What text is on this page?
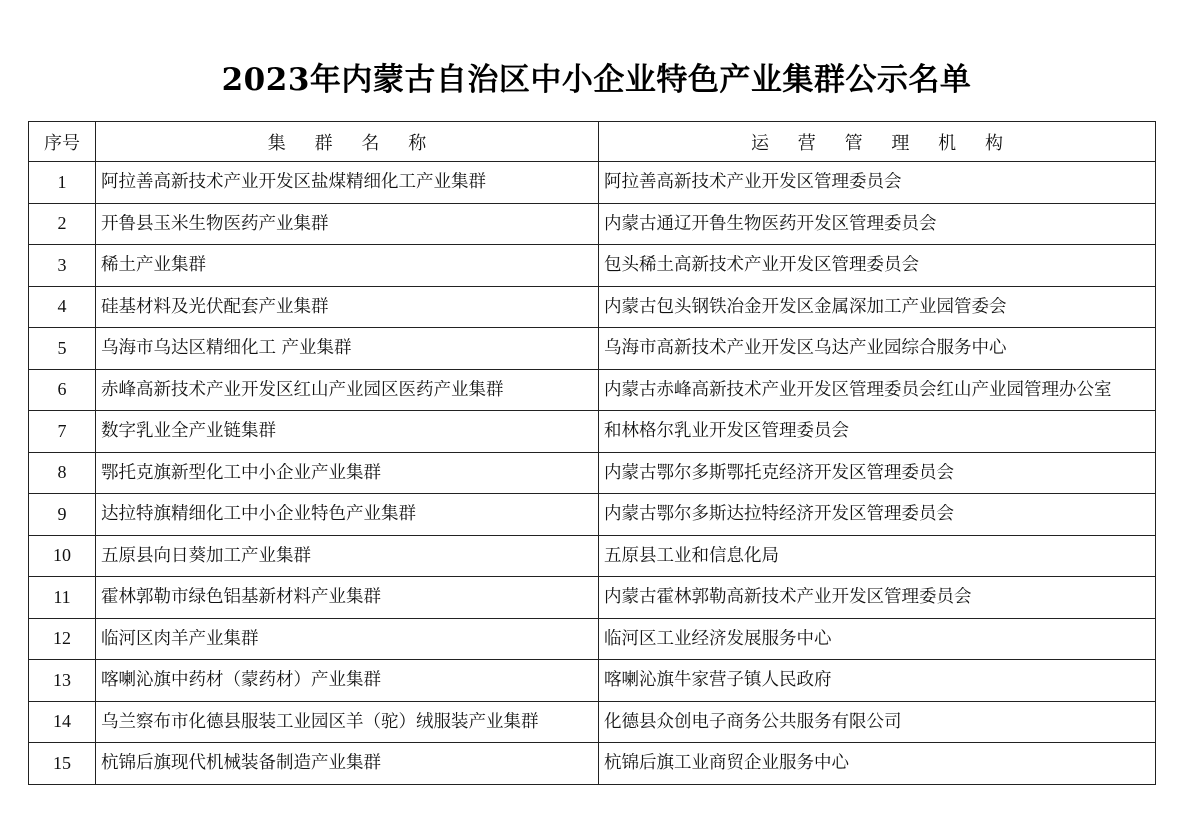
2023年内蒙古自治区中小企业特色产业集群公示名单
序号	集群名称	运营管理机构
1	阿拉善高新技术产业开发区盐煤精细化工产业集群	阿拉善高新技术产业开发区管理委员会

2	开鲁县玉米生物医药产业集群	内蒙古通辽开鲁生物医药开发区管理委员会

3	稀土产业集群	包头稀土高新技术产业开发区管理委员会

4	硅基材料及光伏配套产业集群	内蒙古包头钢铁冶金开发区金属深加工产业园管委会

5	乌海市乌达区精细化工 产业集群	乌海市高新技术产业开发区乌达产业园综合服务中心

6	赤峰高新技术产业开发区红山产业园区医药产业集群	内蒙古赤峰高新技术产业开发区管理委员会红山产业园管理办公室

7	数字乳业全产业链集群	和林格尔乳业开发区管理委员会

8	鄂托克旗新型化工中小企业产业集群	内蒙古鄂尔多斯鄂托克经济开发区管理委员会

9	达拉特旗精细化工中小企业特色产业集群	内蒙古鄂尔多斯达拉特经济开发区管理委员会

10	五原县向日葵加工产业集群	五原县工业和信息化局

11	霍林郭勒市绿色铝基新材料产业集群	内蒙古霍林郭勒高新技术产业开发区管理委员会

12	临河区肉羊产业集群	临河区工业经济发展服务中心

13	喀喇沁旗中药材（蒙药材）产业集群	喀喇沁旗牛家营子镇人民政府

14	乌兰察布市化德县服装工业园区羊（驼）绒服装产业集群	化德县众创电子商务公共服务有限公司

15	杭锦后旗现代机械装备制造产业集群	杭锦后旗工业商贸企业服务中心
